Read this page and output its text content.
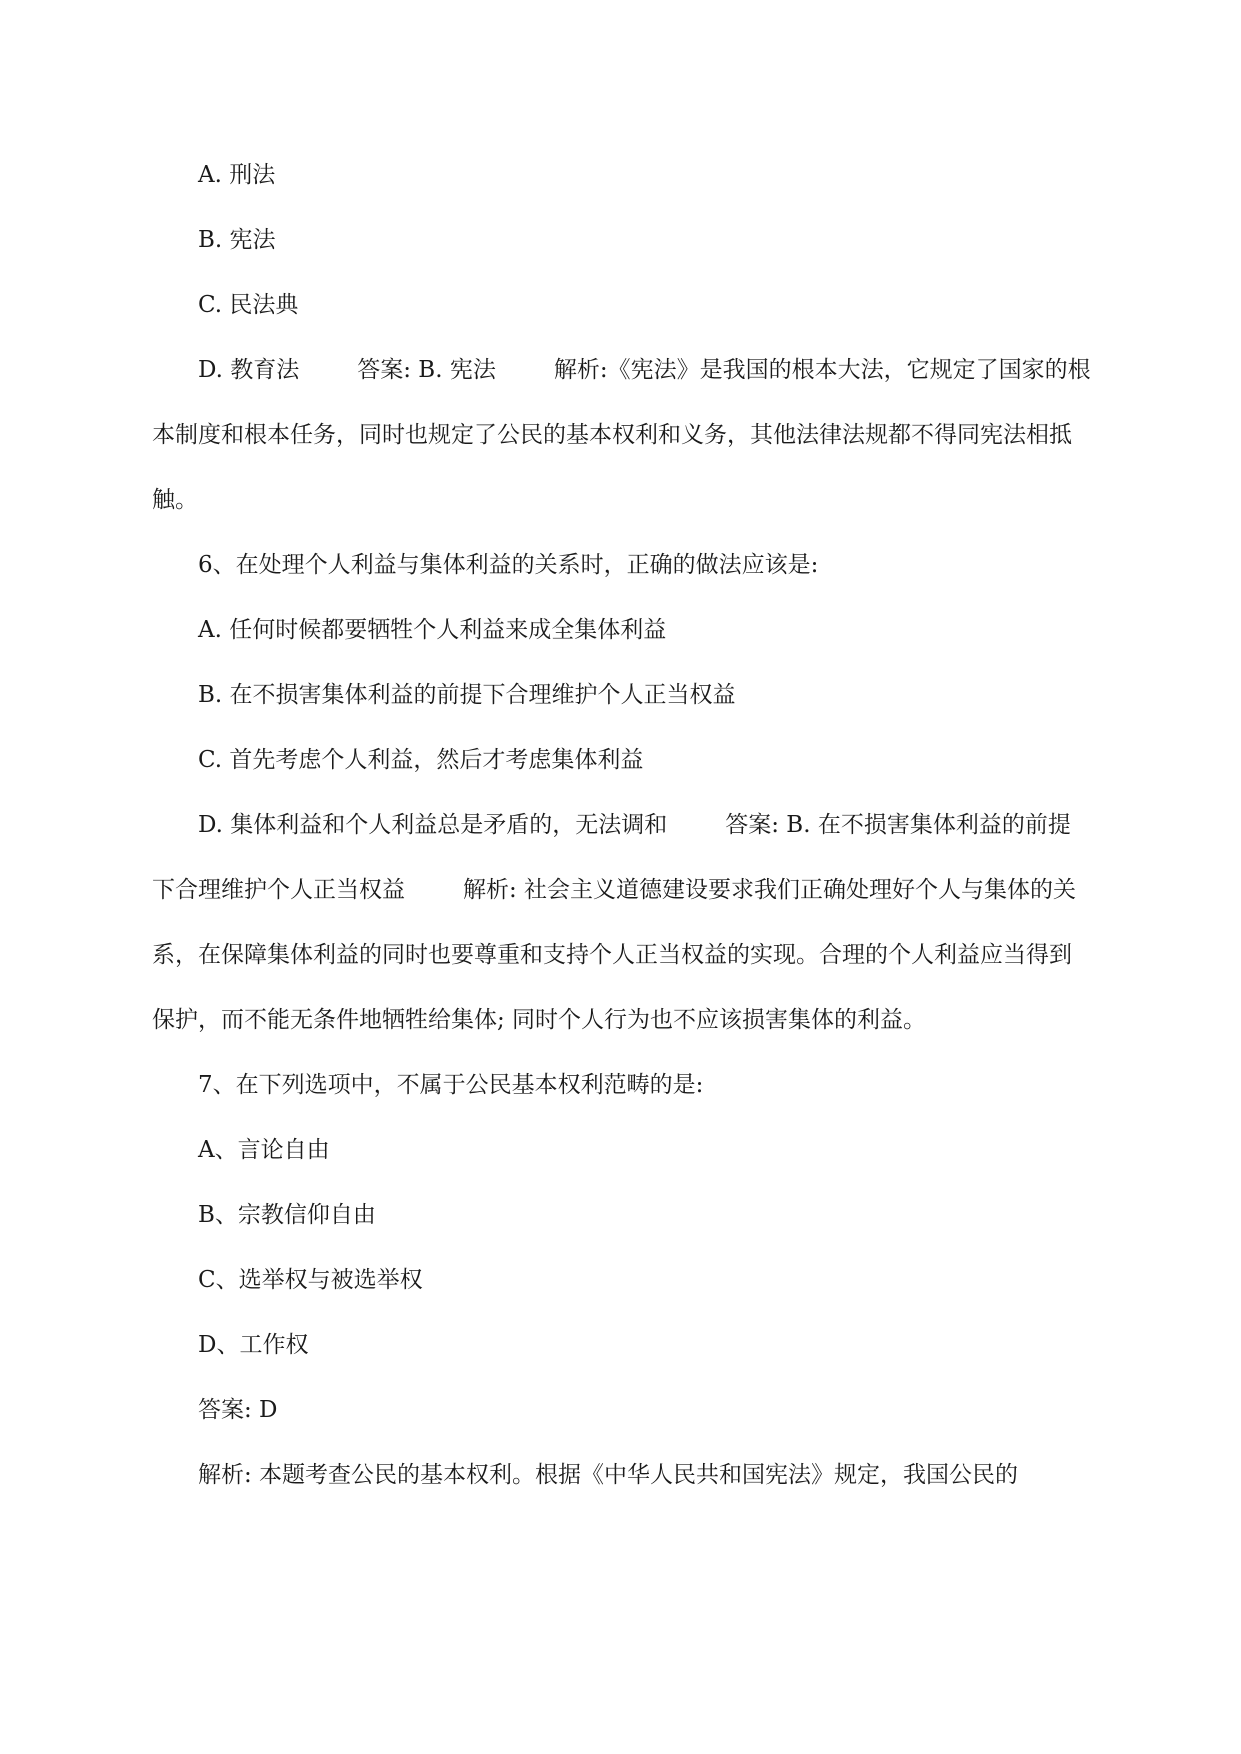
A. 刑法

B. 宪法

C. 民法典

D. 教育法	答案: B. 宪法	解析:《宪法》是我国的根本大法，它规定了国家的根本制度和根本任务，同时也规定了公民的基本权利和义务，其他法律法规都不得同宪法相抵触。

6、在处理个人利益与集体利益的关系时，正确的做法应该是:

A. 任何时候都要牺牲个人利益来成全集体利益

B. 在不损害集体利益的前提下合理维护个人正当权益

C. 首先考虑个人利益，然后才考虑集体利益

D. 集体利益和个人利益总是矛盾的，无法调和	答案: B. 在不损害集体利益的前提下合理维护个人正当权益	解析: 社会主义道德建设要求我们正确处理好个人与集体的关系，在保障集体利益的同时也要尊重和支持个人正当权益的实现。合理的个人利益应当得到保护，而不能无条件地牺牲给集体; 同时个人行为也不应该损害集体的利益。

7、在下列选项中，不属于公民基本权利范畴的是:

A、言论自由

B、宗教信仰自由

C、选举权与被选举权

D、工作权

答案: D

解析: 本题考查公民的基本权利。根据《中华人民共和国宪法》规定，我国公民的
